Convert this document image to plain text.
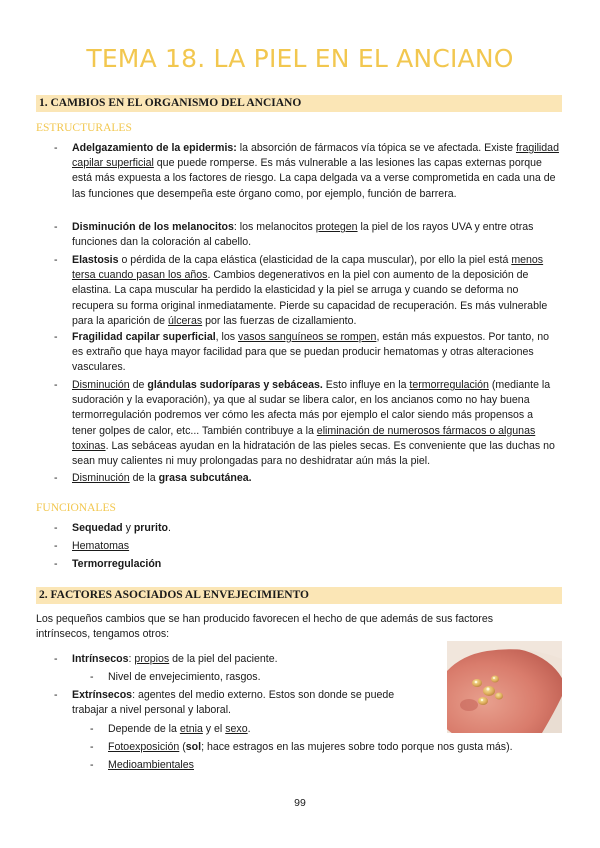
TEMA 18. LA PIEL EN EL ANCIANO
1. CAMBIOS EN EL ORGANISMO DEL ANCIANO
ESTRUCTURALES
- Adelgazamiento de la epidermis: la absorción de fármacos vía tópica se ve afectada. Existe fragilidad capilar superficial que puede romperse. Es más vulnerable a las lesiones las capas externas porque está más expuesta a los factores de riesgo. La capa delgada va a verse comprometida en cada una de las funciones que desempeña este órgano como, por ejemplo, función de barrera.
- Disminución de los melanocitos: los melanocitos protegen la piel de los rayos UVA y entre otras funciones dan la coloración al cabello.
- Elastosis o pérdida de la capa elástica (elasticidad de la capa muscular), por ello la piel está menos tersa cuando pasan los años. Cambios degenerativos en la piel con aumento de la deposición de elastina. La capa muscular ha perdido la elasticidad y la piel se arruga y cuando se deforma no recupera su forma original inmediatamente. Pierde su capacidad de recuperación. Es más vulnerable para la aparición de úlceras por las fuerzas de cizallamiento.
- Fragilidad capilar superficial, los vasos sanguíneos se rompen, están más expuestos. Por tanto, no es extraño que haya mayor facilidad para que se puedan producir hematomas y otras alteraciones vasculares.
- Disminución de glándulas sudoríparas y sebáceas. Esto influye en la termorregulación (mediante la sudoración y la evaporación), ya que al sudar se libera calor, en los ancianos como no hay buena termorregulación podremos ver cómo les afecta más por ejemplo el calor siendo más propensos a tener golpes de calor, etc... También contribuye a la eliminación de numerosos fármacos o algunas toxinas. Las sebáceas ayudan en la hidratación de las pieles secas. Es conveniente que las duchas no sean muy calientes ni muy prolongadas para no deshidratar aún más la piel.
- Disminución de la grasa subcutánea.
FUNCIONALES
- Sequedad y prurito.
- Hematomas
- Termorregulación
2. FACTORES ASOCIADOS AL ENVEJECIMIENTO
Los pequeños cambios que se han producido favorecen el hecho de que además de sus factores intrínsecos, tengamos otros:
- Intrínsecos: propios de la piel del paciente.
- Nivel de envejecimiento, rasgos.
- Extrínsecos: agentes del medio externo. Estos son donde se puede trabajar a nivel personal y laboral.
- Depende de la etnia y el sexo.
- Fotoexposición (sol; hace estragos en las mujeres sobre todo porque nos gusta más).
- Medioambientales
99
